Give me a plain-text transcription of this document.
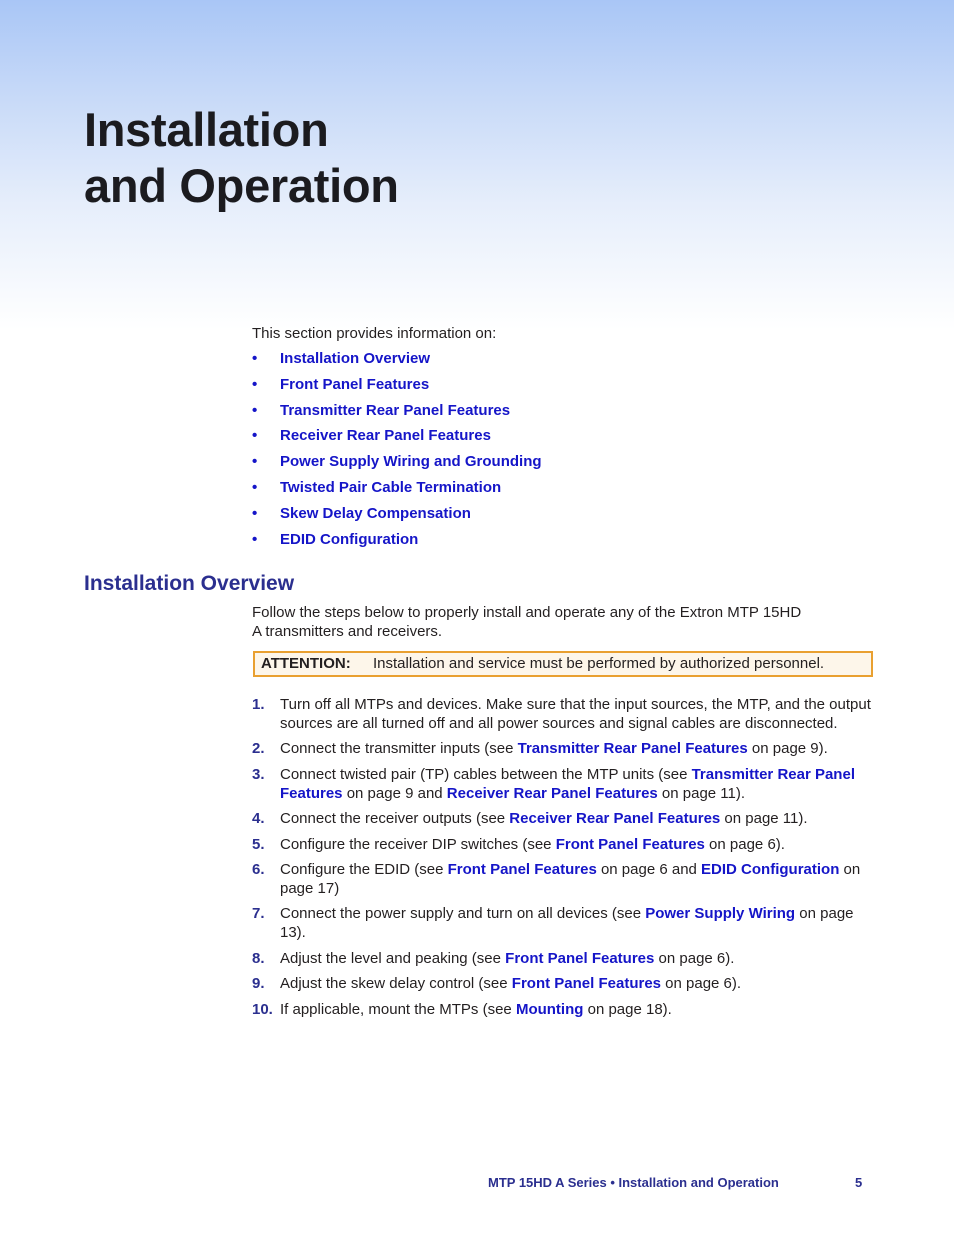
Installation
and Operation

This section provides information on:

• Installation Overview
• Front Panel Features
• Transmitter Rear Panel Features
• Receiver Rear Panel Features
• Power Supply Wiring and Grounding
• Twisted Pair Cable Termination
• Skew Delay Compensation
• EDID Configuration
Installation Overview

Follow the steps below to properly install and operate any of the Extron MTP 15HD A transmitters and receivers.

ATTENTION: Installation and service must be performed by authorized personnel.
1. Turn off all MTPs and devices. Make sure that the input sources, the MTP, and the output sources are all turned off and all power sources and signal cables are disconnected.
2. Connect the transmitter inputs (see Transmitter Rear Panel Features on page 9).
3. Connect twisted pair (TP) cables between the MTP units (see Transmitter Rear Panel Features on page 9 and Receiver Rear Panel Features on page 11).
4. Connect the receiver outputs (see Receiver Rear Panel Features on page 11).
5. Configure the receiver DIP switches (see Front Panel Features on page 6).
6. Configure the EDID (see Front Panel Features on page 6 and EDID Configuration on page 17)
7. Connect the power supply and turn on all devices (see Power Supply Wiring on page 13).
8. Adjust the level and peaking (see Front Panel Features on page 6).
9. Adjust the skew delay control (see Front Panel Features on page 6).
10. If applicable, mount the MTPs (see Mounting on page 18).
MTP 15HD A Series • Installation and Operation	5
